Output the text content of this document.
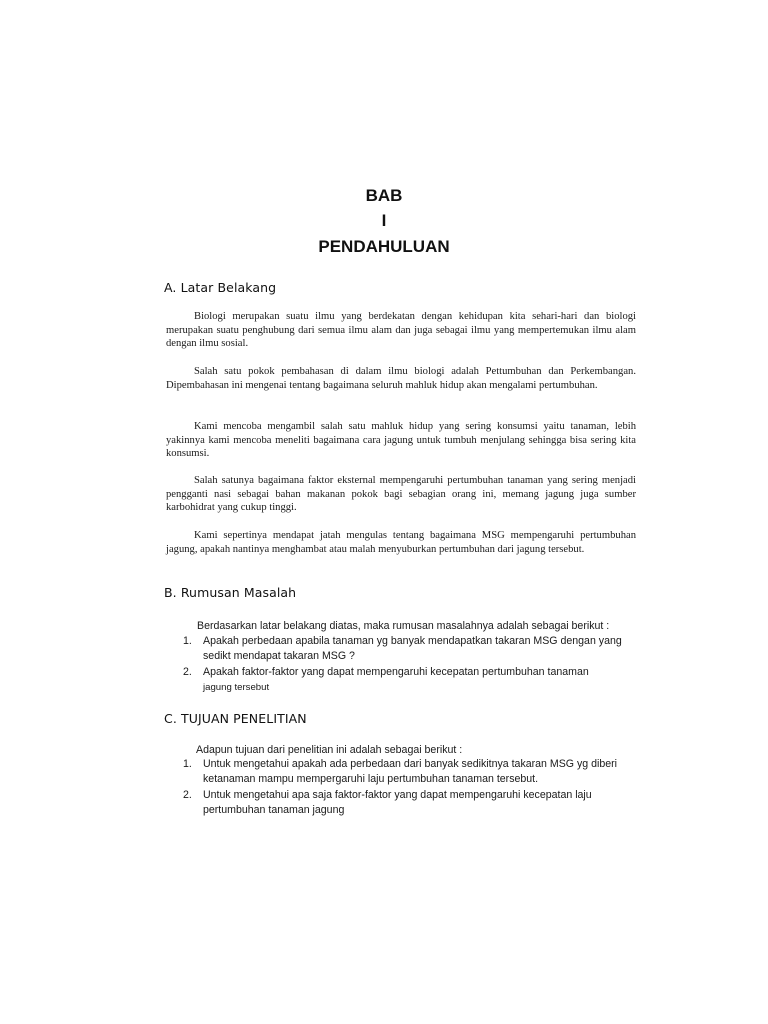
BAB
I
PENDAHULUAN
A. Latar Belakang
Biologi merupakan suatu ilmu yang berdekatan dengan kehidupan kita sehari-hari dan biologi merupakan suatu penghubung dari semua ilmu alam dan juga sebagai ilmu yang mempertemukan ilmu alam dengan ilmu sosial.
Salah satu pokok pembahasan di dalam ilmu biologi adalah Pettumbuhan dan Perkembangan. Dipembahasan ini mengenai tentang bagaimana seluruh mahluk hidup akan mengalami pertumbuhan.
Kami mencoba mengambil salah satu mahluk hidup yang sering konsumsi yaitu tanaman, lebih yakinnya kami mencoba meneliti bagaimana cara jagung untuk tumbuh menjulang sehingga bisa sering kita konsumsi.
Salah satunya bagaimana faktor eksternal mempengaruhi pertumbuhan tanaman yang sering menjadi pengganti nasi sebagai bahan makanan pokok bagi sebagian orang ini, memang jagung juga sumber karbohidrat yang cukup tinggi.
Kami sepertinya mendapat jatah mengulas tentang bagaimana MSG mempengaruhi pertumbuhan jagung, apakah nantinya menghambat atau malah menyuburkan pertumbuhan dari jagung tersebut.
B. Rumusan Masalah
Berdasarkan latar belakang diatas, maka rumusan masalahnya adalah sebagai berikut :
1. Apakah perbedaan apabila tanaman yg banyak mendapatkan takaran MSG dengan yang sedikt mendapat takaran MSG ?
2. Apakah faktor-faktor yang dapat mempengaruhi kecepatan pertumbuhan tanaman
jagung tersebut
C. TUJUAN PENELITIAN
Adapun tujuan dari penelitian ini adalah sebagai berikut :
1. Untuk mengetahui apakah ada perbedaan dari banyak sedikitnya takaran MSG yg diberi ketanaman mampu mempergaruhi laju pertumbuhan tanaman tersebut.
2. Untuk mengetahui apa saja faktor-faktor yang dapat mempengaruhi kecepatan laju pertumbuhan tanaman jagung
